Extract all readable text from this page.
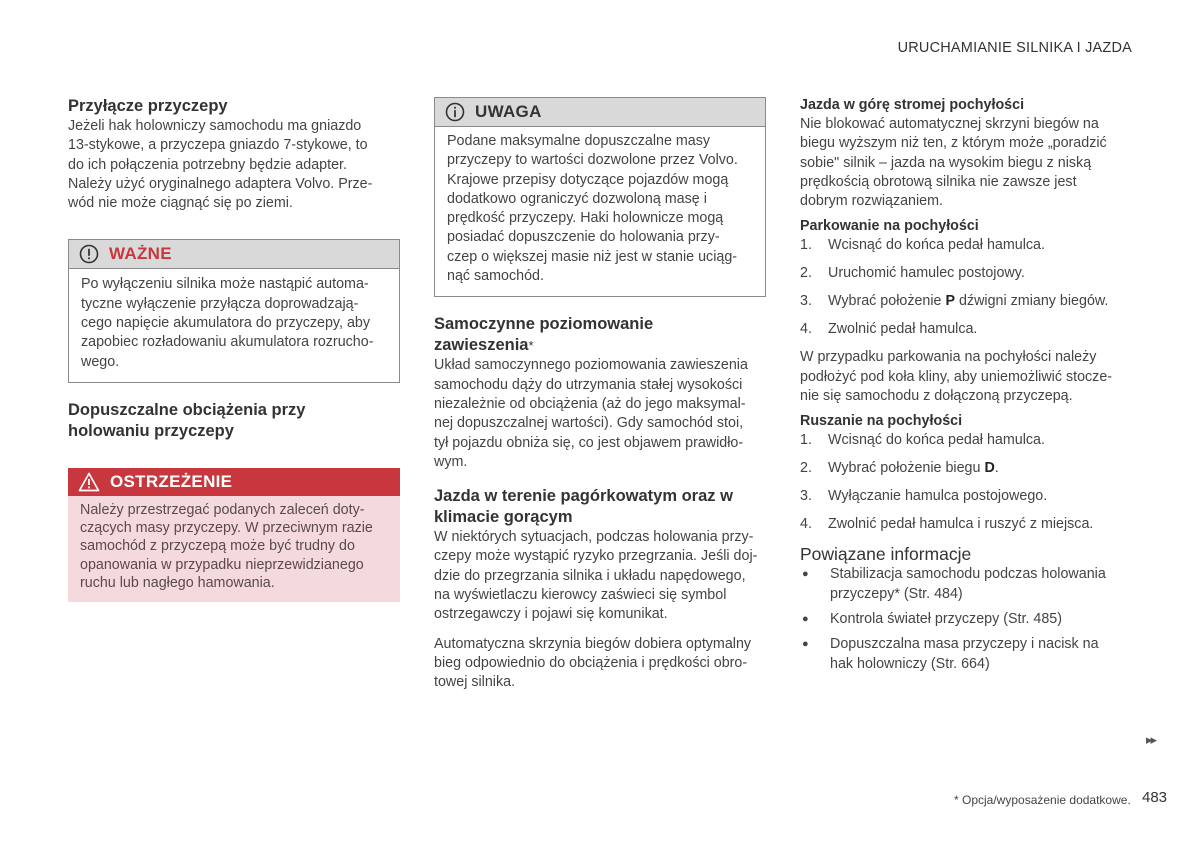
URUCHAMIANIE SILNIKA I JAZDA
Przyłącze przyczepy
Jeżeli hak holowniczy samochodu ma gniazdo
13-stykowe, a przyczepa gniazdo 7-stykowe, to
do ich połączenia potrzebny będzie adapter.
Należy użyć oryginalnego adaptera Volvo. Prze-
wód nie może ciągnąć się po ziemi.
WAŻNE
Po wyłączeniu silnika może nastąpić automa-
tyczne wyłączenie przyłącza doprowadzają-
cego napięcie akumulatora do przyczepy, aby
zapobiec rozładowaniu akumulatora rozrucho-
wego.
Dopuszczalne obciążenia przy
holowaniu przyczepy
OSTRZEŻENIE
Należy przestrzegać podanych zaleceń doty-
czących masy przyczepy. W przeciwnym razie
samochód z przyczepą może być trudny do
opanowania w przypadku nieprzewidzianego
ruchu lub nagłego hamowania.
UWAGA
Podane maksymalne dopuszczalne masy
przyczepy to wartości dozwolone przez Volvo.
Krajowe przepisy dotyczące pojazdów mogą
dodatkowo ograniczyć dozwoloną masę i
prędkość przyczepy. Haki holownicze mogą
posiadać dopuszczenie do holowania przy-
czep o większej masie niż jest w stanie uciąg-
nąć samochód.
Samoczynne poziomowanie
zawieszenia*
Układ samoczynnego poziomowania zawieszenia
samochodu dąży do utrzymania stałej wysokości
niezależnie od obciążenia (aż do jego maksymal-
nej dopuszczalnej wartości). Gdy samochód stoi,
tył pojazdu obniża się, co jest objawem prawidło-
wym.
Jazda w terenie pagórkowatym oraz w
klimacie gorącym
W niektórych sytuacjach, podczas holowania przy-
czepy może wystąpić ryzyko przegrzania. Jeśli doj-
dzie do przegrzania silnika i układu napędowego,
na wyświetlaczu kierowcy zaświeci się symbol
ostrzegawczy i pojawi się komunikat.
Automatyczna skrzynia biegów dobiera optymalny
bieg odpowiednio do obciążenia i prędkości obro-
towej silnika.
Jazda w górę stromej pochyłości
Nie blokować automatycznej skrzyni biegów na
biegu wyższym niż ten, z którym może „poradzić
sobie" silnik – jazda na wysokim biegu z niską
prędkością obrotową silnika nie zawsze jest
dobrym rozwiązaniem.
Parkowanie na pochyłości
1.	Wcisnąć do końca pedał hamulca.
2.	Uruchomić hamulec postojowy.
3.	Wybrać położenie P dźwigni zmiany biegów.
4.	Zwolnić pedał hamulca.
W przypadku parkowania na pochyłości należy
podłożyć pod koła kliny, aby uniemożliwić stocze-
nie się samochodu z dołączoną przyczepą.
Ruszanie na pochyłości
1.	Wcisnąć do końca pedał hamulca.
2.	Wybrać położenie biegu D.
3.	Wyłączanie hamulca postojowego.
4.	Zwolnić pedał hamulca i ruszyć z miejsca.
Powiązane informacje
●	Stabilizacja samochodu podczas holowania
przyczepy* (Str. 484)
●	Kontrola świateł przyczepy (Str. 485)
●	Dopuszczalna masa przyczepy i nacisk na
hak holowniczy (Str. 664)
▸▸
* Opcja/wyposażenie dodatkowe. 483
